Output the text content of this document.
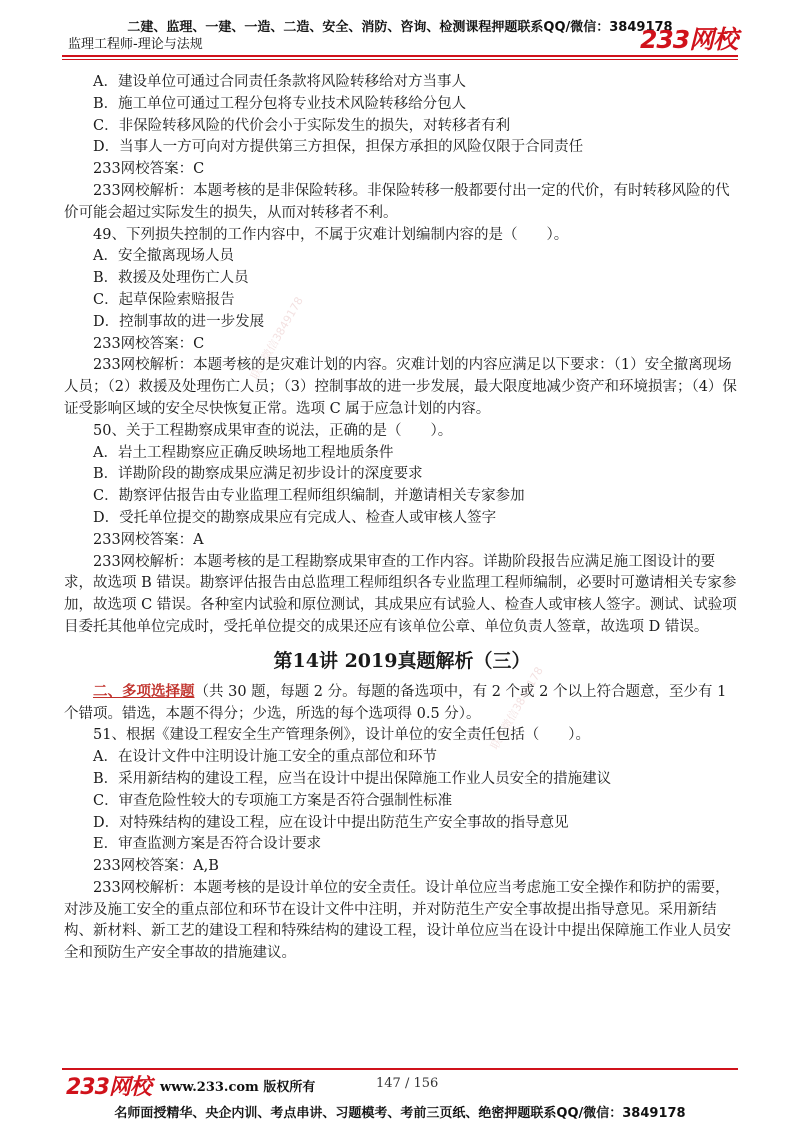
二建、监理、一建、一造、二造、安全、消防、咨询、检测课程押题联系QQ/微信：3849178
监理工程师-理论与法规	233网校
联系微信3849178
联系微信3849178

A．建设单位可通过合同责任条款将风险转移给对方当事人

B．施工单位可通过工程分包将专业技术风险转移给分包人

C．非保险转移风险的代价会小于实际发生的损失，对转移者有利

D．当事人一方可向对方提供第三方担保，担保方承担的风险仅限于合同责任

233网校答案：C

233网校解析：本题考核的是非保险转移。非保险转移一般都要付出一定的代价，有时转移风险的代价可能会超过实际发生的损失，从而对转移者不利。

49、下列损失控制的工作内容中，不属于灾难计划编制内容的是（　　）。

A．安全撤离现场人员

B．救援及处理伤亡人员

C．起草保险索赔报告

D．控制事故的进一步发展

233网校答案：C

233网校解析：本题考核的是灾难计划的内容。灾难计划的内容应满足以下要求：（1）安全撤离现场人员；（2）救援及处理伤亡人员；（3）控制事故的进一步发展，最大限度地减少资产和环境损害；（4）保证受影响区域的安全尽快恢复正常。选项 C 属于应急计划的内容。

50、关于工程勘察成果审查的说法，正确的是（　　）。

A．岩土工程勘察应正确反映场地工程地质条件

B．详勘阶段的勘察成果应满足初步设计的深度要求

C．勘察评估报告由专业监理工程师组织编制，并邀请相关专家参加

D．受托单位提交的勘察成果应有完成人、检查人或审核人签字

233网校答案：A

233网校解析：本题考核的是工程勘察成果审查的工作内容。详勘阶段报告应满足施工图设计的要求，故选项 B 错误。勘察评估报告由总监理工程师组织各专业监理工程师编制，必要时可邀请相关专家参加，故选项 C 错误。各种室内试验和原位测试，其成果应有试验人、检查人或审核人签字。测试、试验项目委托其他单位完成时，受托单位提交的成果还应有该单位公章、单位负责人签章，故选项 D 错误。

第14讲 2019真题解析（三）

二、多项选择题（共 30 题，每题 2 分。每题的备选项中，有 2 个或 2 个以上符合题意，至少有 1 个错项。错选，本题不得分；少选，所选的每个选项得 0.5 分）。

51、根据《建设工程安全生产管理条例》，设计单位的安全责任包括（　　）。

A．在设计文件中注明设计施工安全的重点部位和环节

B．采用新结构的建设工程，应当在设计中提出保障施工作业人员安全的措施建议

C．审查危险性较大的专项施工方案是否符合强制性标准

D．对特殊结构的建设工程，应在设计中提出防范生产安全事故的指导意见

E．审查监测方案是否符合设计要求

233网校答案：A,B

233网校解析：本题考核的是设计单位的安全责任。设计单位应当考虑施工安全操作和防护的需要，对涉及施工安全的重点部位和环节在设计文件中注明，并对防范生产安全事故提出指导意见。采用新结构、新材料、新工艺的建设工程和特殊结构的建设工程，设计单位应当在设计中提出保障施工作业人员安全和预防生产安全事故的措施建议。

233网校 www.233.com 版权所有	147 / 156
名师面授精华、央企内训、考点串讲、习题模考、考前三页纸、绝密押题联系QQ/微信：3849178
